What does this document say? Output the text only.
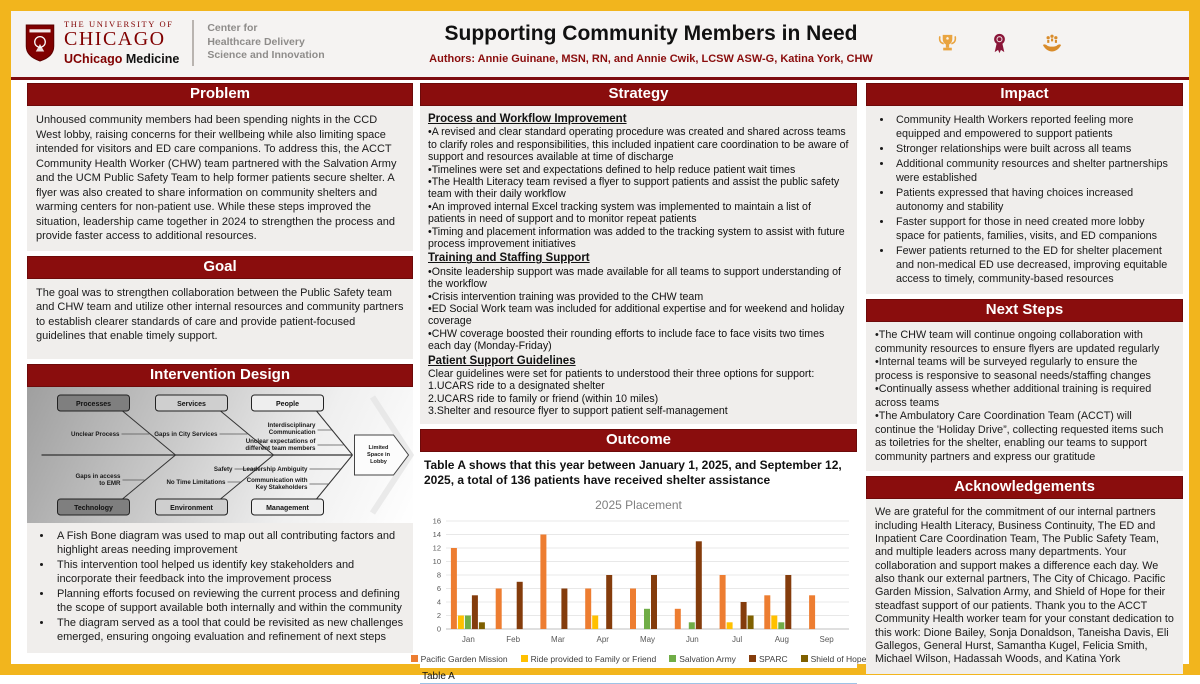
THE UNIVERSITY OF
CHICAGO
UChicago Medicine
Center for
Healthcare Delivery
Science and Innovation
Supporting Community Members in Need
Authors: Annie Guinane, MSN, RN, and Annie Cwik, LCSW ASW-G, Katina York, CHW
Problem
Unhoused community members had been spending nights in the CCD West lobby, raising concerns for their wellbeing while also limiting space intended for visitors and ED care companions. To address this, the ACCT Community Health Worker (CHW) team partnered with the Salvation Army and the UCM Public Safety Team to help former patients secure shelter. A flyer was also created to share information on community shelters and warming centers for non-patient use. While these steps improved the situation, leadership came together in 2024 to strengthen the process and provide faster access to additional resources.
Goal
The goal was to strengthen collaboration between the Public Safety team and CHW team and utilize other internal resources and community partners to establish clearer standards of care and provide patient-focused guidelines that enable timely support.
Intervention Design
Processes	Services	People
Technology	Environment	Management
Unclear Process	Gaps in City Services
Interdisciplinary
Communication
Unclear expectations of
different team members
Gaps in access
to EMR
Safety
No Time Limitations
Leadership Ambiguity
Communication with
Key Stakeholders
Limited
Space in
Lobby
• A Fish Bone diagram was used to map out all contributing factors and highlight areas needing improvement
• This intervention tool helped us identify key stakeholders and incorporate their feedback into the improvement process
• Planning efforts focused on reviewing the current process and defining the scope of support available both internally and within the community
• The diagram served as a tool that could be revisited as new challenges emerged, ensuring ongoing evaluation and refinement of next steps
Strategy
Process and Workflow Improvement
•A revised and clear standard operating procedure was created and shared across teams to clarify roles and responsibilities, this included inpatient care coordination to be aware of support and resources available at time of discharge
•Timelines were set and expectations defined to help reduce patient wait times
•The Health Literacy team revised a flyer to support patients and assist the public safety team with their daily workflow
•An improved internal Excel tracking system was implemented to maintain a list of patients in need of support and to monitor repeat patients
•Timing and placement information was added to the tracking system to assist with future process improvement initiatives
Training and Staffing Support
•Onsite leadership support was made available for all teams to support understanding of the workflow
•Crisis intervention training was provided to the CHW team
•ED Social Work team was included for additional expertise and for weekend and holiday coverage
•CHW coverage boosted their rounding efforts to include face to face visits two times each day (Monday-Friday)
Patient Support Guidelines
Clear guidelines were set for patients to understood their three options for support:
1.UCARS ride to a designated shelter
2.UCARS ride to family or friend (within 10 miles)
3.Shelter and resource flyer to support patient self-management
Outcome
Table A shows that this year between January 1, 2025, and September 12, 2025, a total of 136 patients have received shelter assistance
2025 Placement
0
2
4
6
8
10
12
14
16
Jan	Feb	Mar	Apr	May	Jun	Jul	Aug	Sep
Pacific Garden Mission	Ride provided to Family or Friend	Salvation Army	SPARC	Shield of Hope
Table A
Impact
• Community Health Workers reported feeling more equipped and empowered to support patients
• Stronger relationships were built across all teams
• Additional community resources and shelter partnerships were established
• Patients expressed that having choices increased autonomy and stability
• Faster support for those in need created more lobby space for patients, families, visits, and ED companions
• Fewer patients returned to the ED for shelter placement and non-medical ED use decreased, improving equitable access to timely, community-based resources
Next Steps
•The CHW team will continue ongoing collaboration with community resources to ensure flyers are updated regularly
•Internal teams will be surveyed regularly to ensure the process is responsive to seasonal needs/staffing changes
•Continually assess whether additional training is required across teams
•The Ambulatory Care Coordination Team (ACCT) will continue the 'Holiday Drive”, collecting requested items such as toiletries for the shelter, enabling our teams to support community partners and express our gratitude
Acknowledgements
We are grateful for the commitment of our internal partners including Health Literacy, Business Continuity, The ED and Inpatient Care Coordination Team, The Public Safety Team, and multiple leaders across many departments. Your collaboration and support makes a difference each day. We also thank our external partners, The City of Chicago. Pacific Garden Mission, Salvation Army, and Shield of Hope for their steadfast support of our patients. Thank you to the ACCT Community Health worker team for your constant dedication to this work: Dione Bailey, Sonja Donaldson, Taneisha Davis, Eli Gallegos, General Hurst, Samantha Kugel, Felicia Smith, Michael Wilson, Hadassah Woods, and Katina York
